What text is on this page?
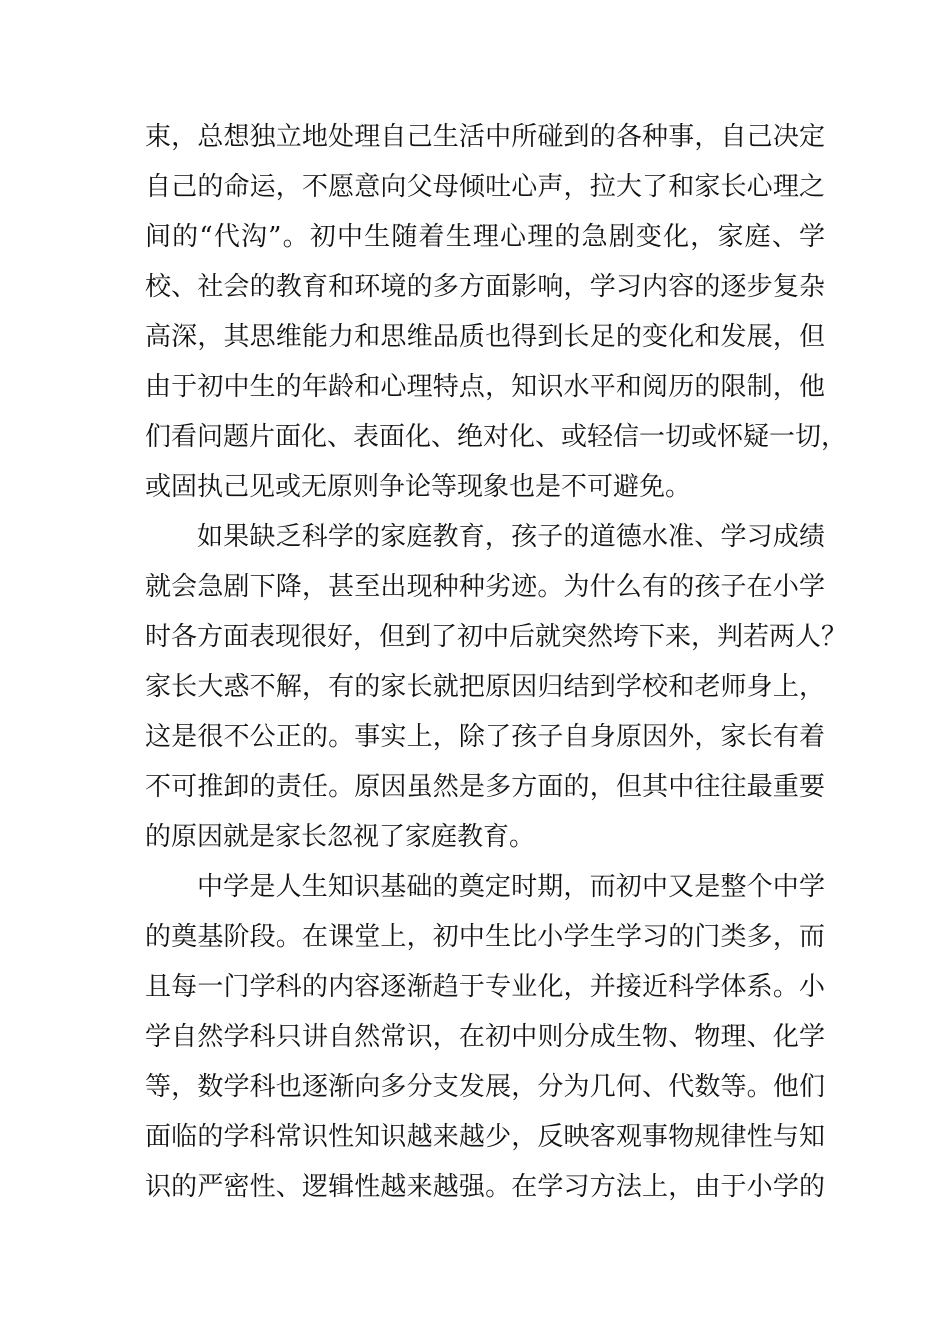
束，总想独立地处理自己生活中所碰到的各种事，自己决定
自己的命运，不愿意向父母倾吐心声，拉大了和家长心理之
间的“代沟”。初中生随着生理心理的急剧变化，家庭、学
校、社会的教育和环境的多方面影响，学习内容的逐步复杂
高深，其思维能力和思维品质也得到长足的变化和发展，但
由于初中生的年龄和心理特点，知识水平和阅历的限制，他
们看问题片面化、表面化、绝对化、或轻信一切或怀疑一切，
或固执己见或无原则争论等现象也是不可避免。
如果缺乏科学的家庭教育，孩子的道德水准、学习成绩
就会急剧下降，甚至出现种种劣迹。为什么有的孩子在小学
时各方面表现很好，但到了初中后就突然垮下来，判若两人？
家长大惑不解，有的家长就把原因归结到学校和老师身上，
这是很不公正的。事实上，除了孩子自身原因外，家长有着
不可推卸的责任。原因虽然是多方面的，但其中往往最重要
的原因就是家长忽视了家庭教育。
中学是人生知识基础的奠定时期，而初中又是整个中学
的奠基阶段。在课堂上，初中生比小学生学习的门类多，而
且每一门学科的内容逐渐趋于专业化，并接近科学体系。小
学自然学科只讲自然常识，在初中则分成生物、物理、化学
等，数学科也逐渐向多分支发展，分为几何、代数等。他们
面临的学科常识性知识越来越少，反映客观事物规律性与知
识的严密性、逻辑性越来越强。在学习方法上，由于小学的
